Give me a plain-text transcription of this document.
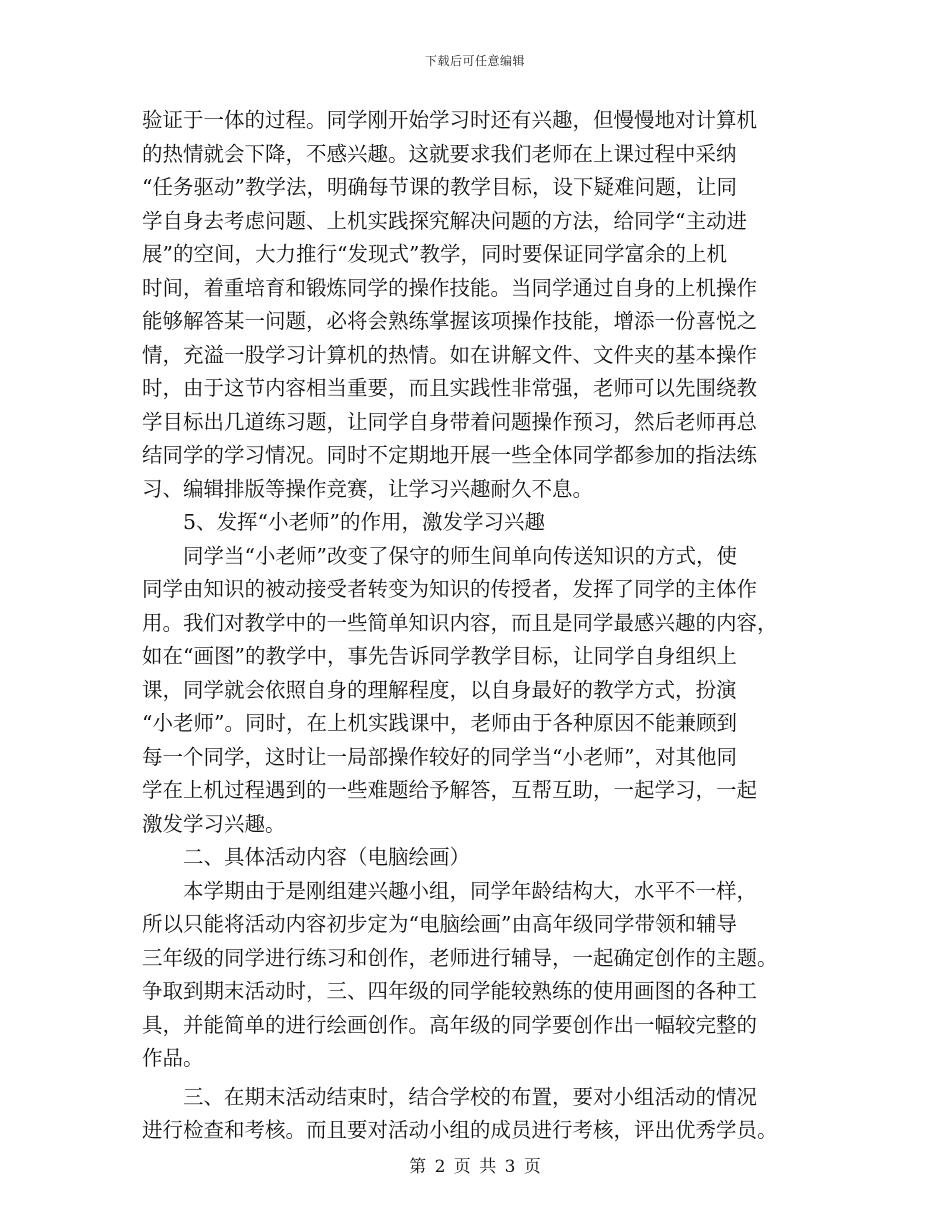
下载后可任意编辑
验证于一体的过程。同学刚开始学习时还有兴趣，但慢慢地对计算机
的热情就会下降，不感兴趣。这就要求我们老师在上课过程中采纳
“任务驱动”教学法，明确每节课的教学目标，设下疑难问题，让同
学自身去考虑问题、上机实践探究解决问题的方法，给同学“主动进
展”的空间，大力推行“发现式”教学，同时要保证同学富余的上机
时间，着重培育和锻炼同学的操作技能。当同学通过自身的上机操作
能够解答某一问题，必将会熟练掌握该项操作技能，增添一份喜悦之
情，充溢一股学习计算机的热情。如在讲解文件、文件夹的基本操作
时，由于这节内容相当重要，而且实践性非常强，老师可以先围绕教
学目标出几道练习题，让同学自身带着问题操作预习，然后老师再总
结同学的学习情况。同时不定期地开展一些全体同学都参加的指法练
习、编辑排版等操作竞赛，让学习兴趣耐久不息。
　　5、发挥“小老师”的作用，激发学习兴趣
　　同学当“小老师”改变了保守的师生间单向传送知识的方式，使
同学由知识的被动接受者转变为知识的传授者，发挥了同学的主体作
用。我们对教学中的一些简单知识内容，而且是同学最感兴趣的内容，
如在“画图”的教学中，事先告诉同学教学目标，让同学自身组织上
课，同学就会依照自身的理解程度，以自身最好的教学方式，扮演
“小老师”。同时，在上机实践课中，老师由于各种原因不能兼顾到
每一个同学，这时让一局部操作较好的同学当“小老师”，对其他同
学在上机过程遇到的一些难题给予解答，互帮互助，一起学习，一起
激发学习兴趣。
　　二、具体活动内容（电脑绘画）
　　本学期由于是刚组建兴趣小组，同学年龄结构大，水平不一样，
所以只能将活动内容初步定为“电脑绘画”由高年级同学带领和辅导
三年级的同学进行练习和创作，老师进行辅导，一起确定创作的主题。
争取到期末活动时，三、四年级的同学能较熟练的使用画图的各种工
具，并能简单的进行绘画创作。高年级的同学要创作出一幅较完整的
作品。
　　三、在期末活动结束时，结合学校的布置，要对小组活动的情况
进行检查和考核。而且要对活动小组的成员进行考核，评出优秀学员。
第 2 页 共 3 页
